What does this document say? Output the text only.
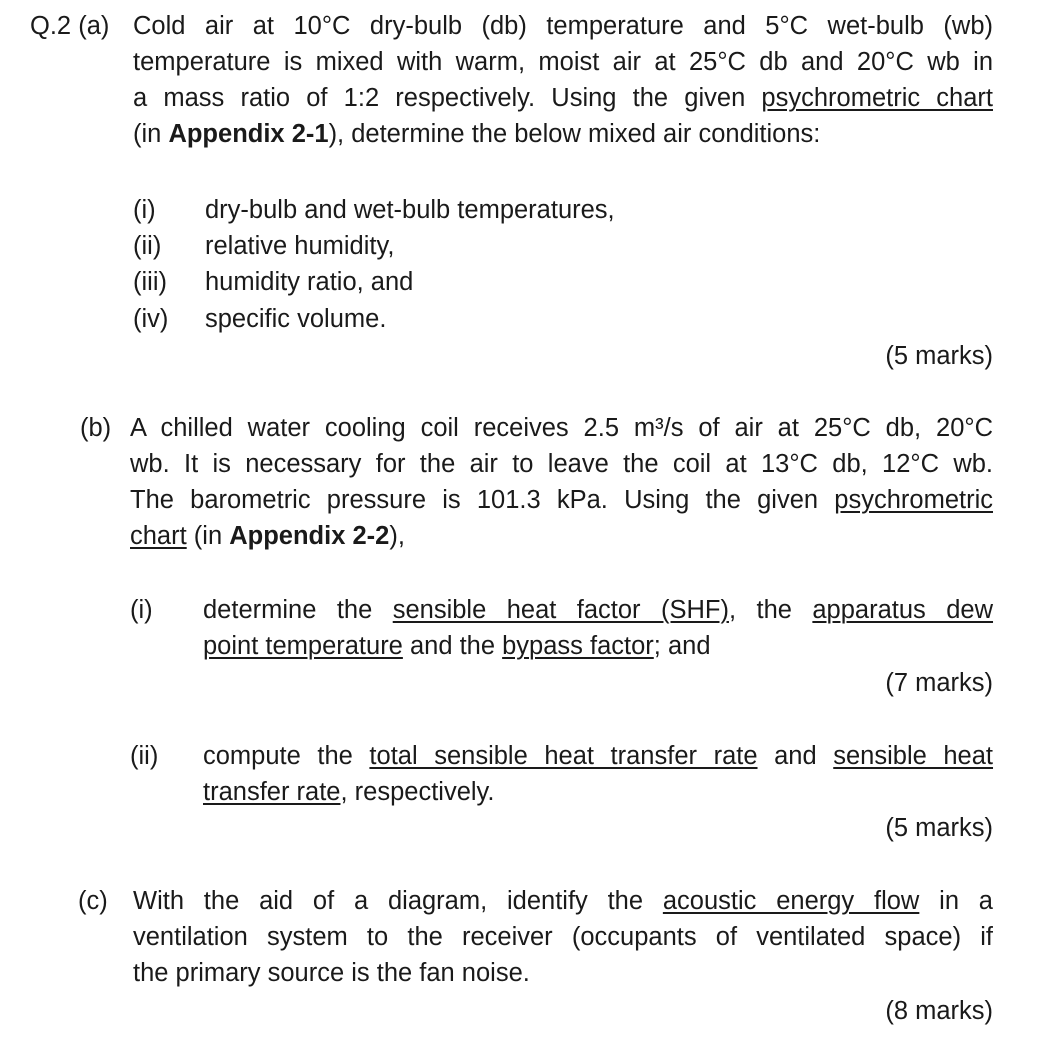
Q.2 (a) Cold air at 10°C dry-bulb (db) temperature and 5°C wet-bulb (wb)
temperature is mixed with warm, moist air at 25°C db and 20°C wb in
a mass ratio of 1:2 respectively. Using the given psychrometric chart
(in Appendix 2-1), determine the below mixed air conditions:
(i) dry-bulb and wet-bulb temperatures,
(ii) relative humidity,
(iii) humidity ratio, and
(iv) specific volume.
(5 marks)
(b) A chilled water cooling coil receives 2.5 m³/s of air at 25°C db, 20°C
wb. It is necessary for the air to leave the coil at 13°C db, 12°C wb.
The barometric pressure is 101.3 kPa. Using the given psychrometric
chart (in Appendix 2-2),
(i) determine the sensible heat factor (SHF), the apparatus dew
point temperature and the bypass factor; and
(7 marks)
(ii) compute the total sensible heat transfer rate and sensible heat
transfer rate, respectively.
(5 marks)
(c) With the aid of a diagram, identify the acoustic energy flow in a
ventilation system to the receiver (occupants of ventilated space) if
the primary source is the fan noise.
(8 marks)
